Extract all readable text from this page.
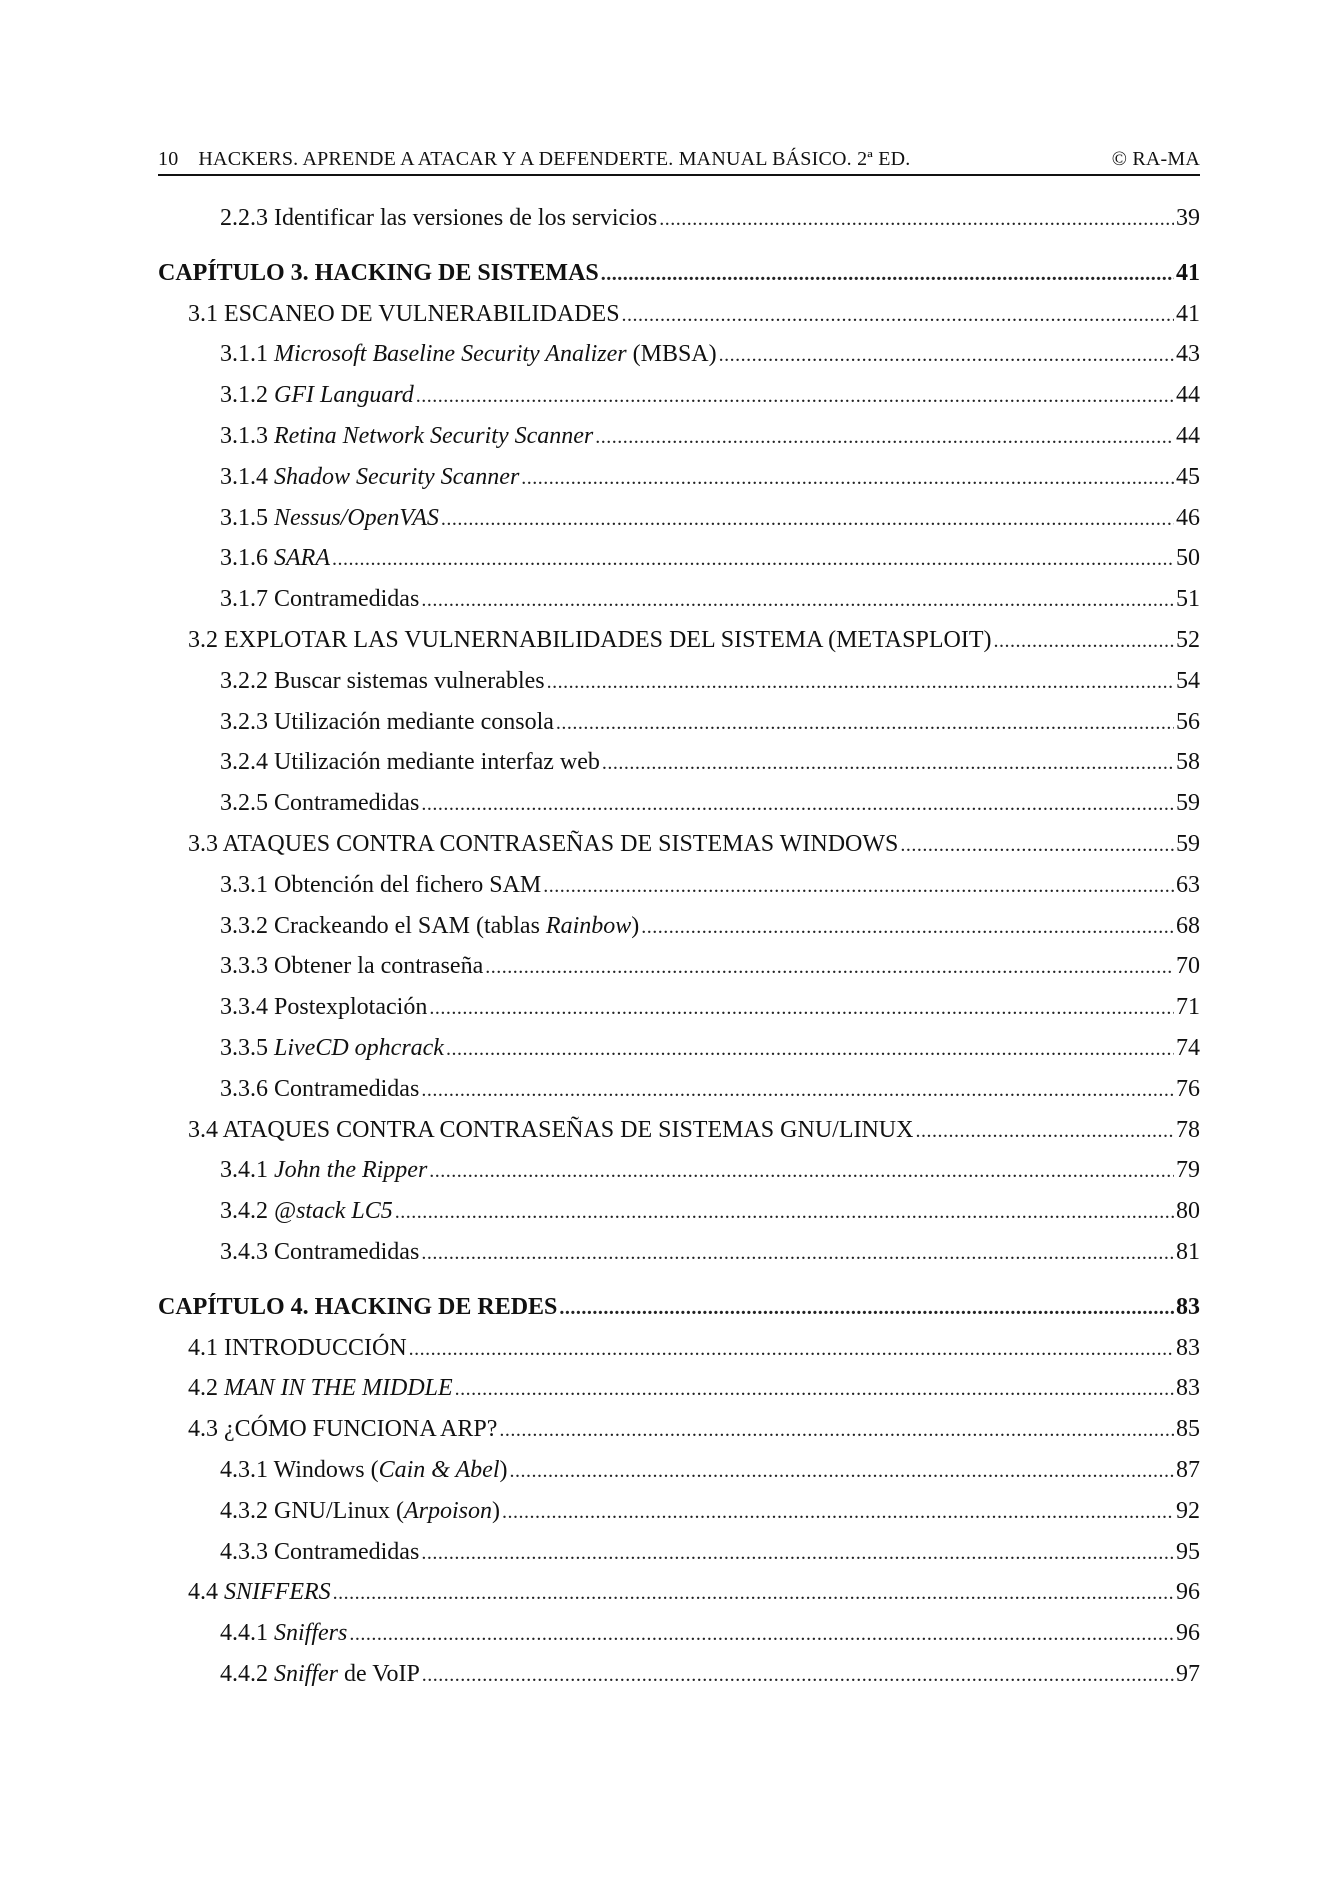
10 HACKERS. APRENDE A ATACAR Y A DEFENDERTE. MANUAL BÁSICO. 2ª ED.	© RA-MA
2.2.3 Identificar las versiones de los servicios .....	39
CAPÍTULO 3. HACKING DE SISTEMAS .....	41
3.1 ESCANEO DE VULNERABILIDADES .....	41
3.1.1 Microsoft Baseline Security Analizer (MBSA) .....	43
3.1.2 GFI Languard .....	44
3.1.3 Retina Network Security Scanner .....	44
3.1.4 Shadow Security Scanner .....	45
3.1.5 Nessus/OpenVAS .....	46
3.1.6 SARA .....	50
3.1.7 Contramedidas .....	51
3.2 EXPLOTAR LAS VULNERNABILIDADES DEL SISTEMA (METASPLOIT) .....	52
3.2.2 Buscar sistemas vulnerables .....	54
3.2.3 Utilización mediante consola .....	56
3.2.4 Utilización mediante interfaz web .....	58
3.2.5 Contramedidas .....	59
3.3 ATAQUES CONTRA CONTRASEÑAS DE SISTEMAS WINDOWS .....	59
3.3.1 Obtención del fichero SAM .....	63
3.3.2 Crackeando el SAM (tablas Rainbow) .....	68
3.3.3 Obtener la contraseña .....	70
3.3.4 Postexplotación .....	71
3.3.5 LiveCD ophcrack .....	74
3.3.6 Contramedidas .....	76
3.4 ATAQUES CONTRA CONTRASEÑAS DE SISTEMAS GNU/LINUX .....	78
3.4.1 John the Ripper .....	79
3.4.2 @stack LC5 .....	80
3.4.3 Contramedidas .....	81
CAPÍTULO 4. HACKING DE REDES .....	83
4.1 INTRODUCCIÓN .....	83
4.2 MAN IN THE MIDDLE .....	83
4.3 ¿CÓMO FUNCIONA ARP? .....	85
4.3.1 Windows (Cain & Abel) .....	87
4.3.2 GNU/Linux (Arpoison) .....	92
4.3.3 Contramedidas .....	95
4.4 SNIFFERS .....	96
4.4.1 Sniffers .....	96
4.4.2 Sniffer de VoIP .....	97
